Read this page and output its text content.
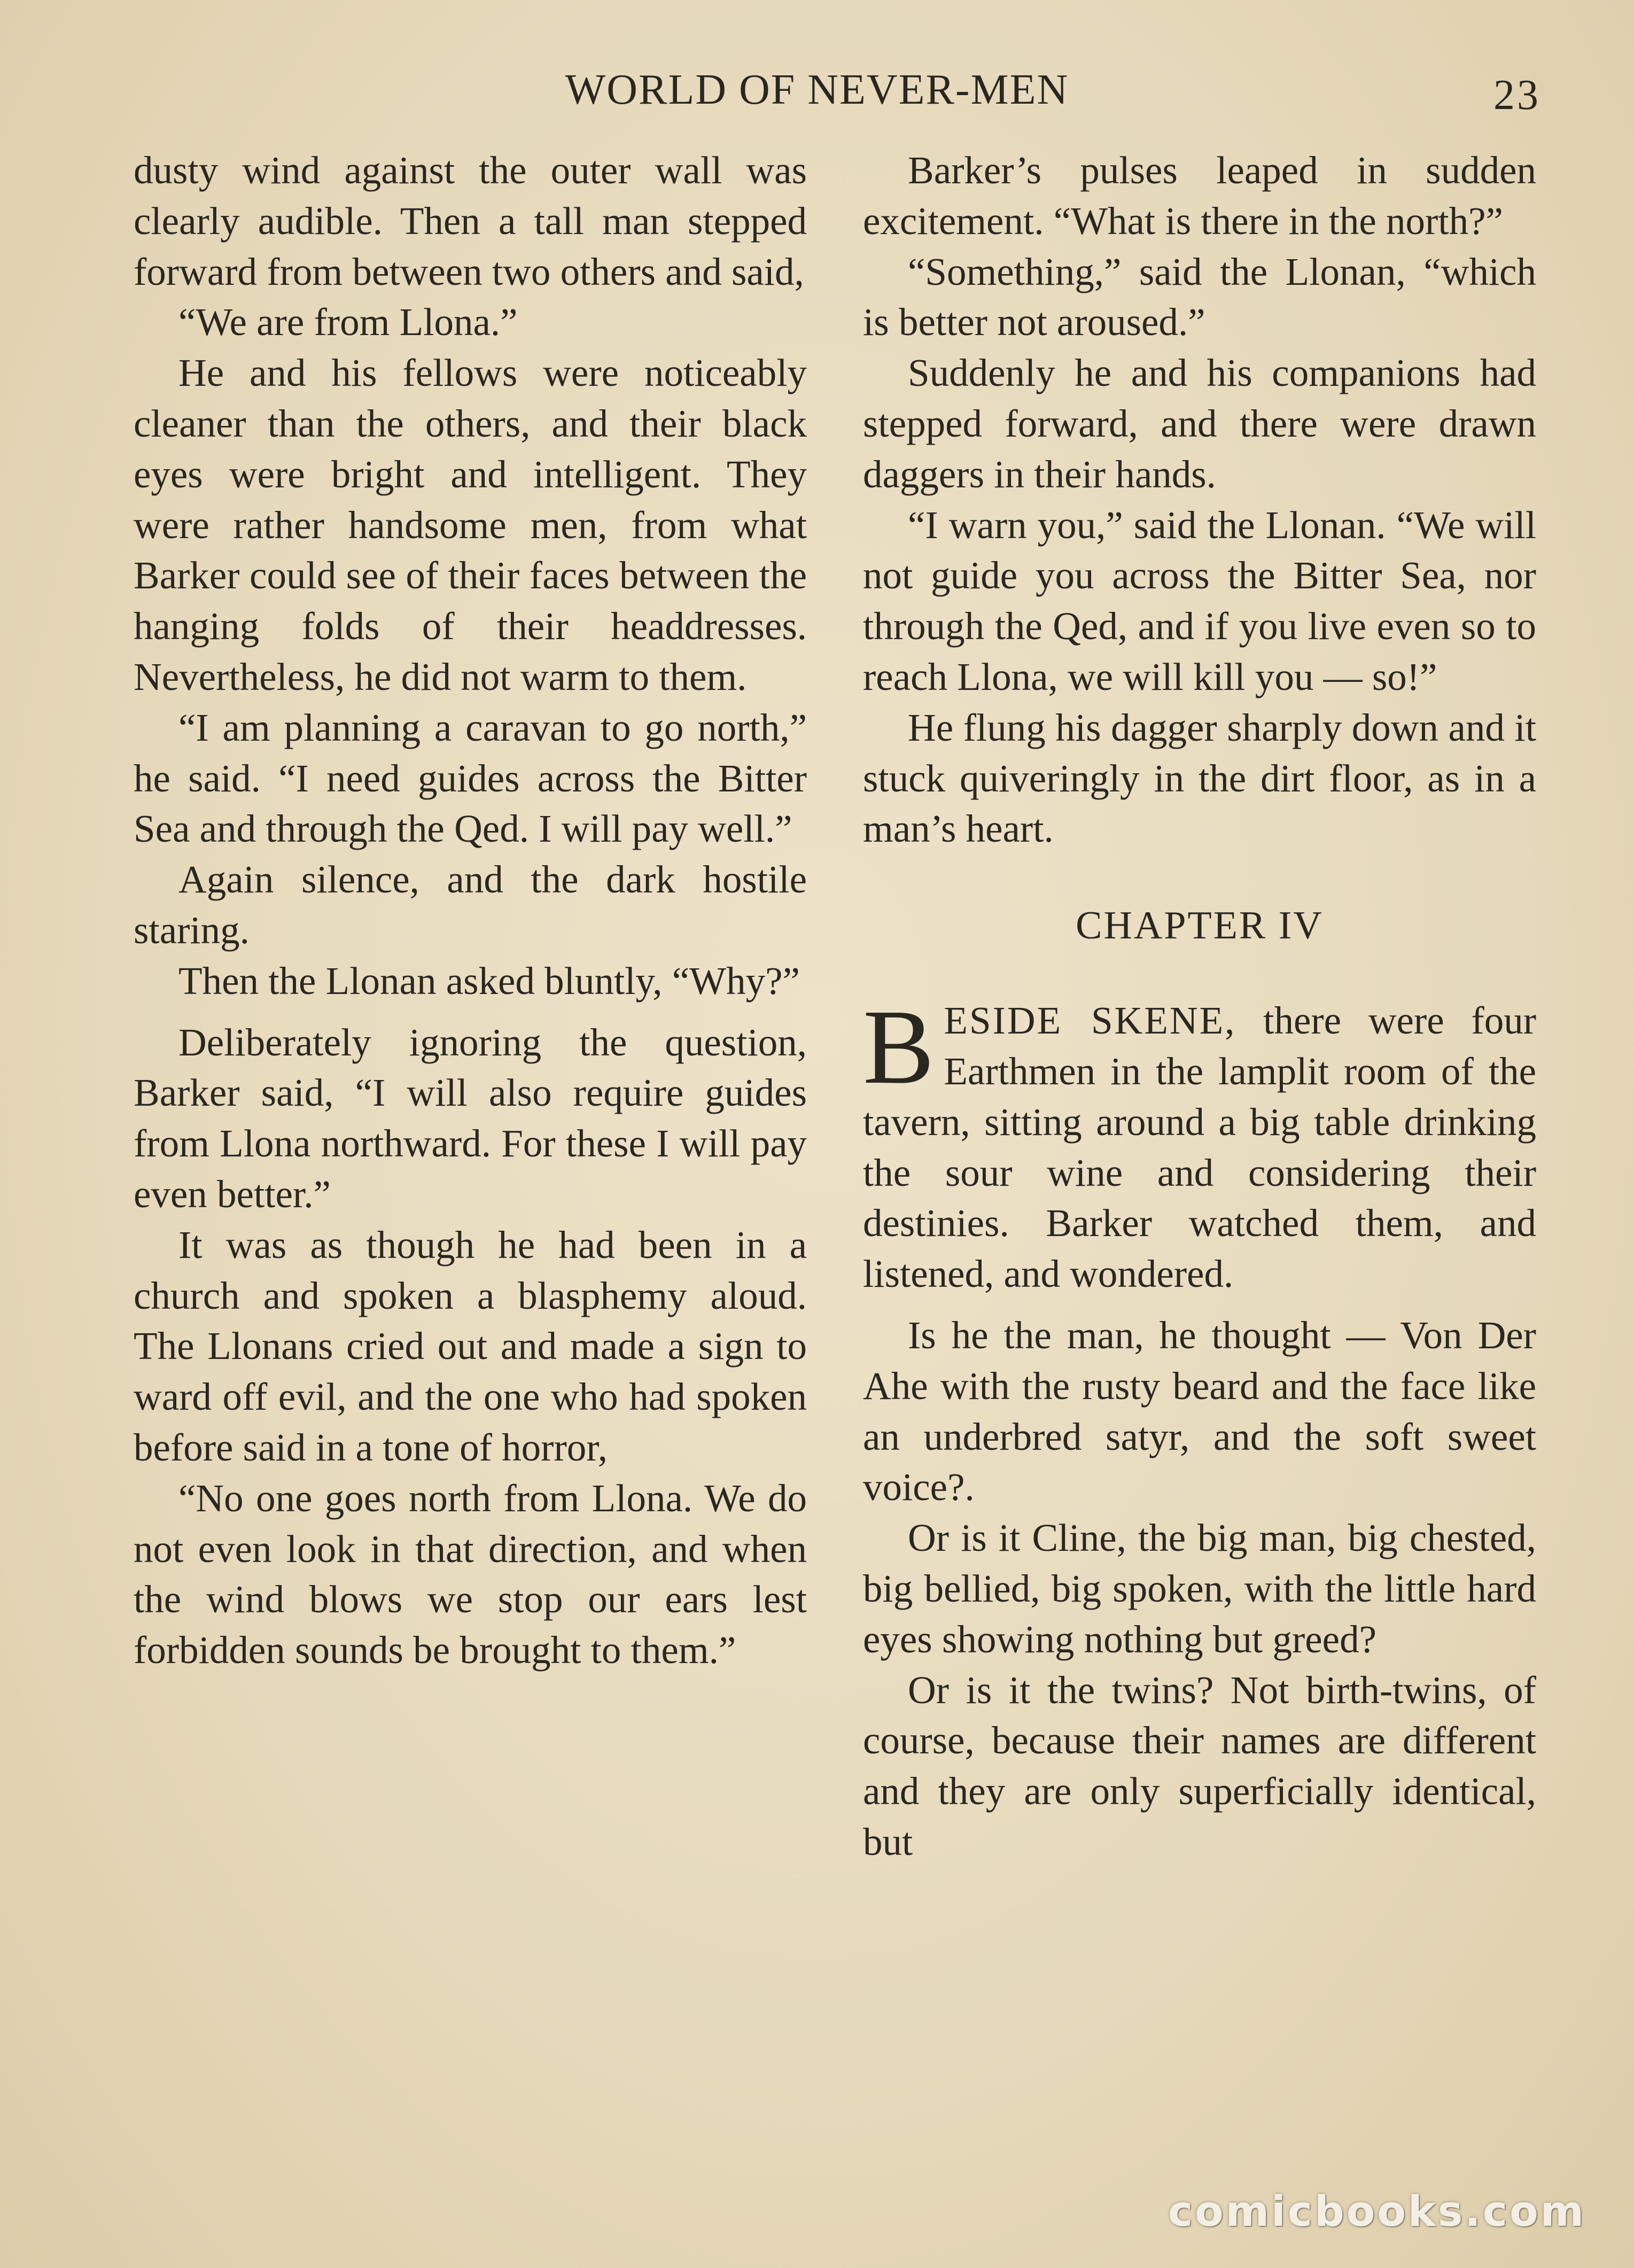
WORLD OF NEVER-MEN	23

dusty wind against the outer wall was clearly audible. Then a tall man stepped forward from between two others and said,

“We are from Llona.”

He and his fellows were noticeably cleaner than the others, and their black eyes were bright and intelligent. They were rather handsome men, from what Barker could see of their faces between the hanging folds of their headdresses. Nevertheless, he did not warm to them.

“I am planning a caravan to go north,” he said. “I need guides across the Bitter Sea and through the Qed. I will pay well.”

Again silence, and the dark hostile staring.

Then the Llonan asked bluntly, “Why?”

Deliberately ignoring the question, Barker said, “I will also require guides from Llona northward. For these I will pay even better.”

It was as though he had been in a church and spoken a blasphemy aloud. The Llonans cried out and made a sign to ward off evil, and the one who had spoken before said in a tone of horror,

“No one goes north from Llona. We do not even look in that direction, and when the wind blows we stop our ears lest forbidden sounds be brought to them.”

Barker’s pulses leaped in sudden excitement. “What is there in the north?”

“Something,” said the Llonan, “which is better not aroused.”

Suddenly he and his companions had stepped forward, and there were drawn daggers in their hands.

“I warn you,” said the Llonan. “We will not guide you across the Bitter Sea, nor through the Qed, and if you live even so to reach Llona, we will kill you — so!”

He flung his dagger sharply down and it stuck quiveringly in the dirt floor, as in a man’s heart.

CHAPTER IV

BESIDE SKENE, there were four Earthmen in the lamplit room of the tavern, sitting around a big table drinking the sour wine and considering their destinies. Barker watched them, and listened, and wondered.

Is he the man, he thought — Von Der Ahe with the rusty beard and the face like an underbred satyr, and the soft sweet voice?.

Or is it Cline, the big man, big chested, big bellied, big spoken, with the little hard eyes showing nothing but greed?

Or is it the twins? Not birth-twins, of course, because their names are different and they are only superficially identical, but

comicbooks.com
